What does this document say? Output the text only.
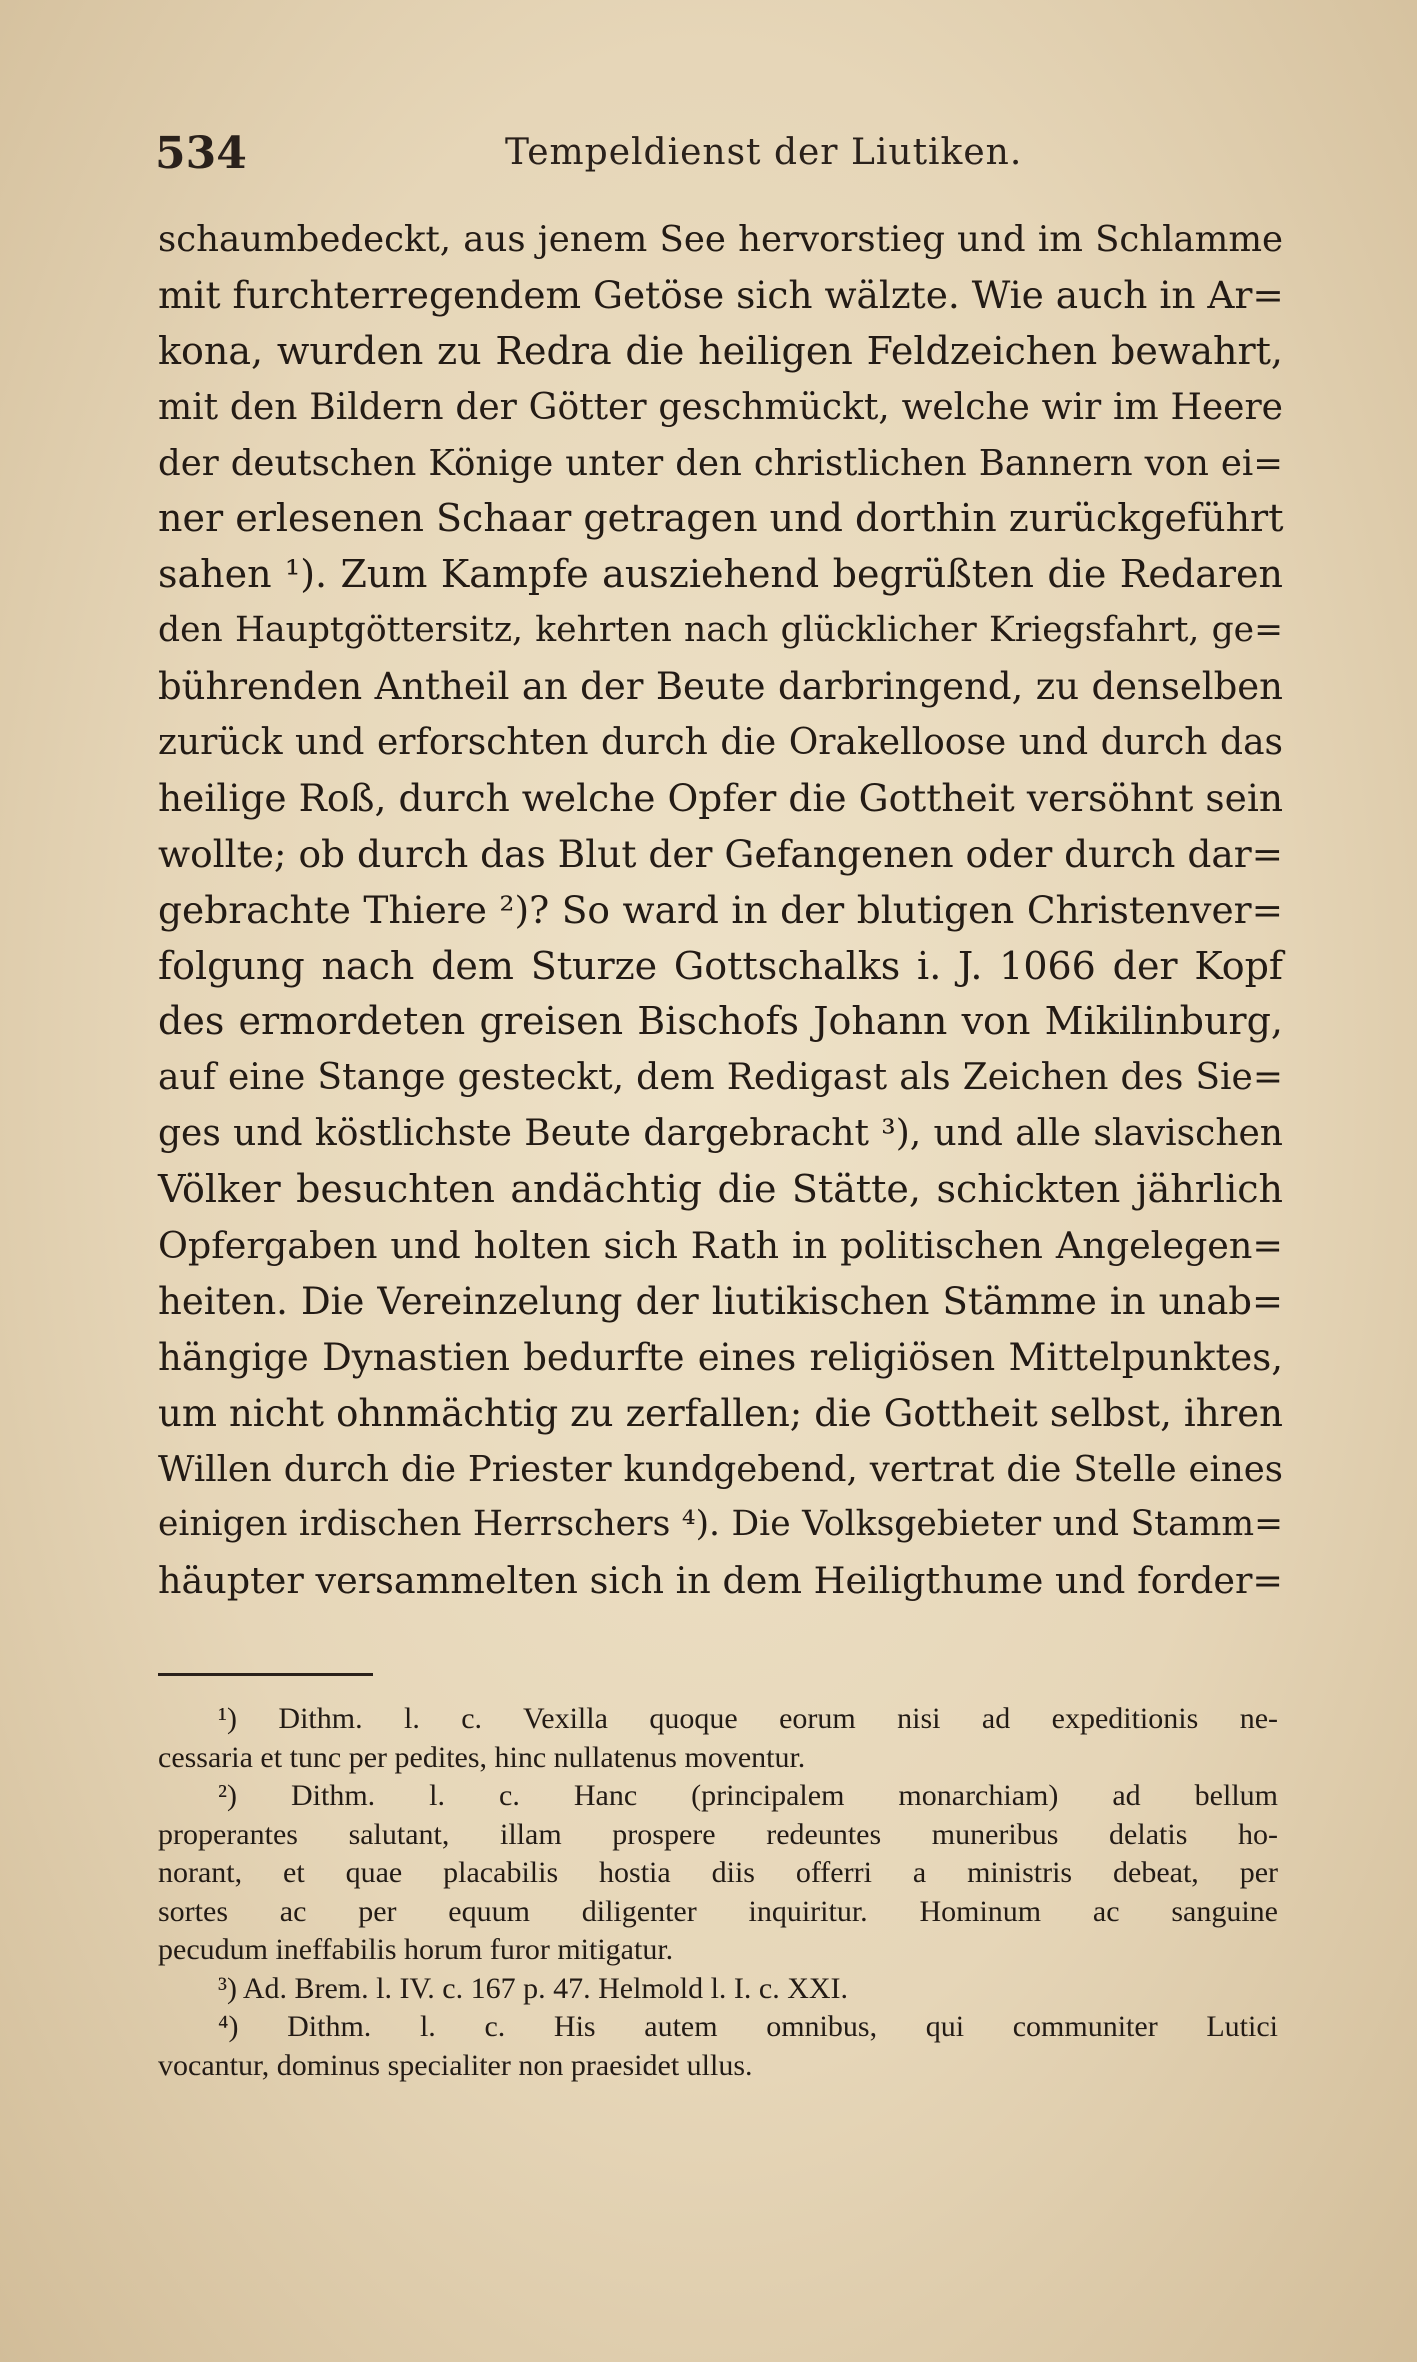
534	Tempeldienst der Liutiken.
schaumbedeckt, aus jenem See hervorstieg und im Schlamme
mit furchterregendem Getöse sich wälzte. Wie auch in Ar=
kona, wurden zu Redra die heiligen Feldzeichen bewahrt,
mit den Bildern der Götter geschmückt, welche wir im Heere
der deutschen Könige unter den christlichen Bannern von ei=
ner erlesenen Schaar getragen und dorthin zurückgeführt
sahen ¹). Zum Kampfe ausziehend begrüßten die Redaren
den Hauptgöttersitz, kehrten nach glücklicher Kriegsfahrt, ge=
bührenden Antheil an der Beute darbringend, zu denselben
zurück und erforschten durch die Orakelloose und durch das
heilige Roß, durch welche Opfer die Gottheit versöhnt sein
wollte; ob durch das Blut der Gefangenen oder durch dar=
gebrachte Thiere ²)? So ward in der blutigen Christenver=
folgung nach dem Sturze Gottschalks i. J. 1066 der Kopf
des ermordeten greisen Bischofs Johann von Mikilinburg,
auf eine Stange gesteckt, dem Redigast als Zeichen des Sie=
ges und köstlichste Beute dargebracht ³), und alle slavischen
Völker besuchten andächtig die Stätte, schickten jährlich
Opfergaben und holten sich Rath in politischen Angelegen=
heiten. Die Vereinzelung der liutikischen Stämme in unab=
hängige Dynastien bedurfte eines religiösen Mittelpunktes,
um nicht ohnmächtig zu zerfallen; die Gottheit selbst, ihren
Willen durch die Priester kundgebend, vertrat die Stelle eines
einigen irdischen Herrschers ⁴). Die Volksgebieter und Stamm=
häupter versammelten sich in dem Heiligthume und forder=
¹) Dithm. l. c. Vexilla quoque eorum nisi ad expeditionis ne-
cessaria et tunc per pedites, hinc nullatenus moventur.
²) Dithm. l. c. Hanc (principalem monarchiam) ad bellum
properantes salutant, illam prospere redeuntes muneribus delatis ho-
norant, et quae placabilis hostia diis offerri a ministris debeat, per
sortes ac per equum diligenter inquiritur. Hominum ac sanguine
pecudum ineffabilis horum furor mitigatur.
³) Ad. Brem. l. IV. c. 167 p. 47. Helmold l. I. c. XXI.
⁴) Dithm. l. c. His autem omnibus, qui communiter Lutici
vocantur, dominus specialiter non praesidet ullus.
